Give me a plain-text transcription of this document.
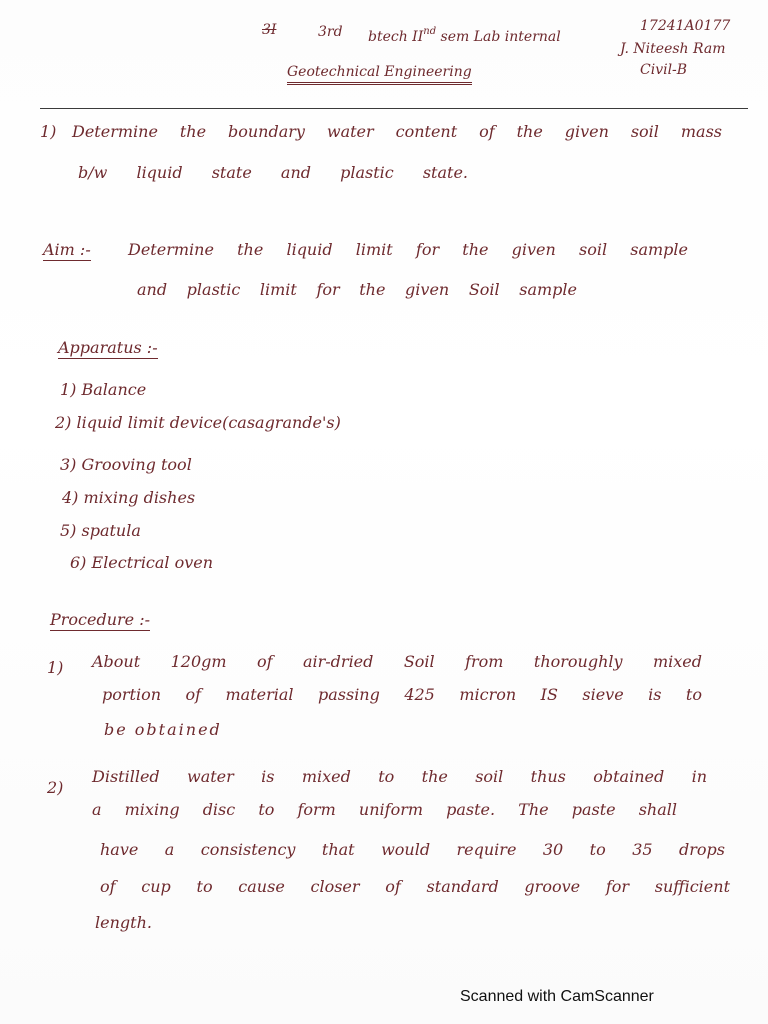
3I	3rd btech IInd sem Lab internal
17241A0177
J. Niteesh Ram
Civil-B
Geotechnical Engineering
1) Determine the boundary water content of the given soil mass
b/w liquid state and plastic state.
Aim :- Determine the liquid limit for the given soil sample
and plastic limit for the given Soil sample
Apparatus :-
1) Balance
2) liquid limit device(casagrande's)
3) Grooving tool
4) mixing dishes
5) spatula
6) Electrical oven
Procedure :-
1) About 120gm of air-dried Soil from thoroughly mixed
portion of material passing 425 micron IS sieve is to
be obtained
2)
Distilled water is mixed to the soil thus obtained in
a mixing disc to form uniform paste. The paste shall
have a consistency that would require 30 to 35 drops
of cup to cause closer of standard groove for sufficient
length.
Scanned with CamScanner
